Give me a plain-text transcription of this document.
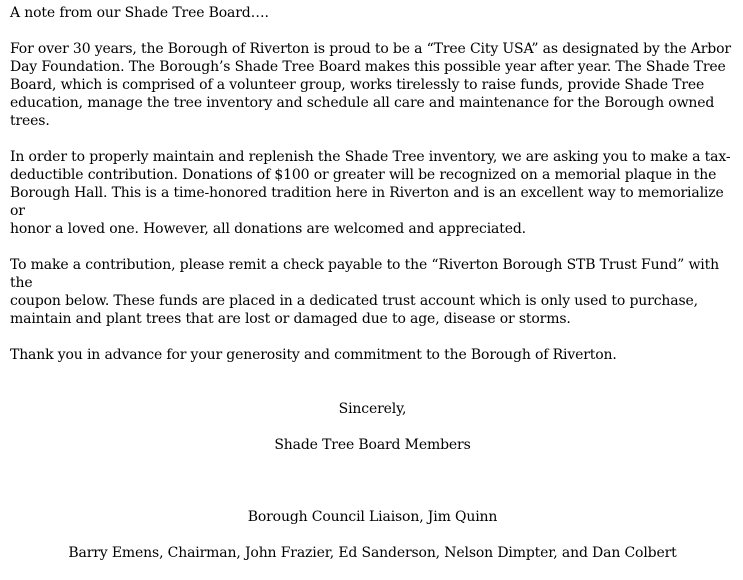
A note from our Shade Tree Board….

For over 30 years, the Borough of Riverton is proud to be a “Tree City USA” as designated by the Arbor
Day Foundation. The Borough’s Shade Tree Board makes this possible year after year. The Shade Tree
Board, which is comprised of a volunteer group, works tirelessly to raise funds, provide Shade Tree
education, manage the tree inventory and schedule all care and maintenance for the Borough owned
trees.

In order to properly maintain and replenish the Shade Tree inventory, we are asking you to make a tax-
deductible contribution. Donations of $100 or greater will be recognized on a memorial plaque in the
Borough Hall. This is a time-honored tradition here in Riverton and is an excellent way to memorialize or
honor a loved one. However, all donations are welcomed and appreciated.

To make a contribution, please remit a check payable to the “Riverton Borough STB Trust Fund” with the
coupon below. These funds are placed in a dedicated trust account which is only used to purchase,
maintain and plant trees that are lost or damaged due to age, disease or storms.

Thank you in advance for your generosity and commitment to the Borough of Riverton.

Sincerely,

Shade Tree Board Members

Borough Council Liaison, Jim Quinn

Barry Emens, Chairman, John Frazier, Ed Sanderson, Nelson Dimpter, and Dan Colbert
